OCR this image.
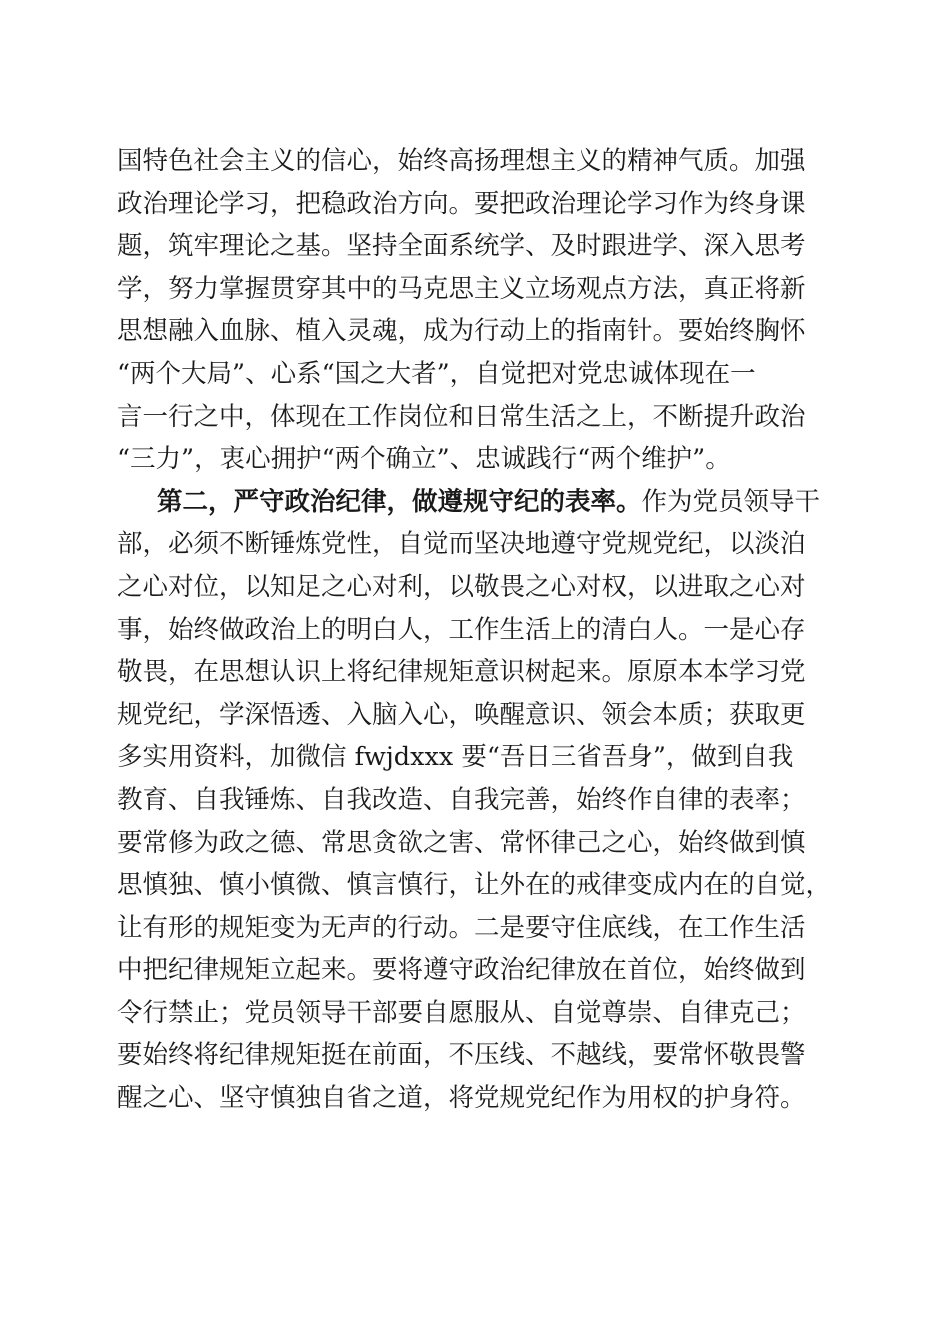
国特色社会主义的信心，始终高扬理想主义的精神气质。加强
政治理论学习，把稳政治方向。要把政治理论学习作为终身课
题，筑牢理论之基。坚持全面系统学、及时跟进学、深入思考
学，努力掌握贯穿其中的马克思主义立场观点方法，真正将新
思想融入血脉、植入灵魂，成为行动上的指南针。要始终胸怀
“两个大局”、心系“国之大者”，自觉把对党忠诚体现在一
言一行之中，体现在工作岗位和日常生活之上，不断提升政治
“三力”，衷心拥护“两个确立”、忠诚践行“两个维护”。
第二，严守政治纪律，做遵规守纪的表率。作为党员领导干
部，必须不断锤炼党性，自觉而坚决地遵守党规党纪，以淡泊
之心对位，以知足之心对利，以敬畏之心对权，以进取之心对
事，始终做政治上的明白人，工作生活上的清白人。一是心存
敬畏，在思想认识上将纪律规矩意识树起来。原原本本学习党
规党纪，学深悟透、入脑入心，唤醒意识、领会本质；获取更
多实用资料，加微信 fwjdxxx 要“吾日三省吾身”，做到自我
教育、自我锤炼、自我改造、自我完善，始终作自律的表率；
要常修为政之德、常思贪欲之害、常怀律己之心，始终做到慎
思慎独、慎小慎微、慎言慎行，让外在的戒律变成内在的自觉，
让有形的规矩变为无声的行动。二是要守住底线，在工作生活
中把纪律规矩立起来。要将遵守政治纪律放在首位，始终做到
令行禁止；党员领导干部要自愿服从、自觉尊崇、自律克己；
要始终将纪律规矩挺在前面，不压线、不越线，要常怀敬畏警
醒之心、坚守慎独自省之道，将党规党纪作为用权的护身符。
